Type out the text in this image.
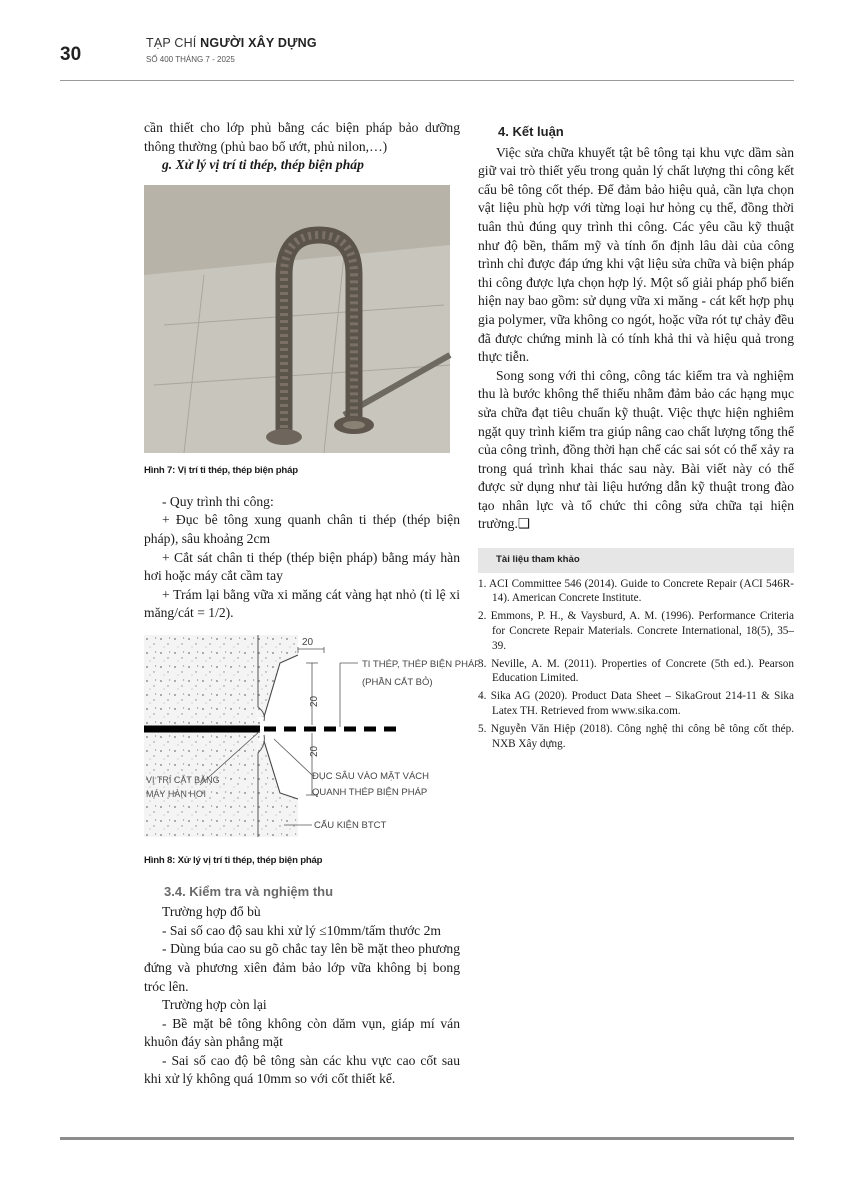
30
TẠP CHÍ NGƯỜI XÂY DỰNG
SỐ 400 THÁNG 7 - 2025

cần thiết cho lớp phủ bằng các biện pháp bảo dưỡng thông thường (phủ bao bố ướt, phủ nilon,…)

g. Xử lý vị trí ti thép, thép biện pháp

Hình 7: Vị trí ti thép, thép biện pháp

- Quy trình thi công:

+ Đục bê tông xung quanh chân ti thép (thép biện pháp), sâu khoảng 2cm

+ Cắt sát chân ti thép (thép biện pháp) bằng máy hàn hơi hoặc máy cắt cầm tay

+ Trám lại bằng vữa xi măng cát vàng hạt nhỏ (tỉ lệ xi măng/cát = 1/2).

20
20
20
TI THÉP, THÉP BIỆN PHÁP
(PHẦN CẮT BỎ)
VỊ TRÍ CẮT BẰNG
MÁY HÀN HƠI
ĐỤC SÂU VÀO MẶT VÁCH
QUANH THÉP BIỆN PHÁP
CẤU KIỆN BTCT
Hình 8: Xử lý vị trí ti thép, thép biện pháp
3.4. Kiểm tra và nghiệm thu

Trường hợp đổ bù

- Sai số cao độ sau khi xử lý ≤10mm/tấm thước 2m

- Dùng búa cao su gõ chắc tay lên bề mặt theo phương đứng và phương xiên đảm bảo lớp vữa không bị bong tróc lên.

Trường hợp còn lại

- Bề mặt bê tông không còn dăm vụn, giáp mí ván khuôn đáy sàn phẳng mặt

- Sai số cao độ bê tông sàn các khu vực cao cốt sau khi xử lý không quá 10mm so với cốt thiết kế.

4. Kết luận

Việc sửa chữa khuyết tật bê tông tại khu vực dầm sàn giữ vai trò thiết yếu trong quản lý chất lượng thi công kết cấu bê tông cốt thép. Để đảm bảo hiệu quả, cần lựa chọn vật liệu phù hợp với từng loại hư hỏng cụ thể, đồng thời tuân thủ đúng quy trình thi công. Các yêu cầu kỹ thuật như độ bền, thẩm mỹ và tính ổn định lâu dài của công trình chỉ được đáp ứng khi vật liệu sửa chữa và biện pháp thi công được lựa chọn hợp lý. Một số giải pháp phổ biến hiện nay bao gồm: sử dụng vữa xi măng - cát kết hợp phụ gia polymer, vữa không co ngót, hoặc vữa rót tự chảy đều đã được chứng minh là có tính khả thi và hiệu quả trong thực tiễn.

Song song với thi công, công tác kiểm tra và nghiệm thu là bước không thể thiếu nhằm đảm bảo các hạng mục sửa chữa đạt tiêu chuẩn kỹ thuật. Việc thực hiện nghiêm ngặt quy trình kiểm tra giúp nâng cao chất lượng tổng thể của công trình, đồng thời hạn chế các sai sót có thể xảy ra trong quá trình khai thác sau này. Bài viết này có thể được sử dụng như tài liệu hướng dẫn kỹ thuật trong đào tạo nhân lực và tổ chức thi công sửa chữa tại hiện trường.❑

Tài liệu tham khảo
1. ACI Committee 546 (2014). Guide to Concrete Repair (ACI 546R-14). American Concrete Institute.
2. Emmons, P. H., & Vaysburd, A. M. (1996). Performance Criteria for Concrete Repair Materials. Concrete International, 18(5), 35–39.
3. Neville, A. M. (2011). Properties of Concrete (5th ed.). Pearson Education Limited.
4. Sika AG (2020). Product Data Sheet – SikaGrout 214-11 & Sika Latex TH. Retrieved from www.sika.com.
5. Nguyễn Văn Hiệp (2018). Công nghệ thi công bê tông cốt thép. NXB Xây dựng.
